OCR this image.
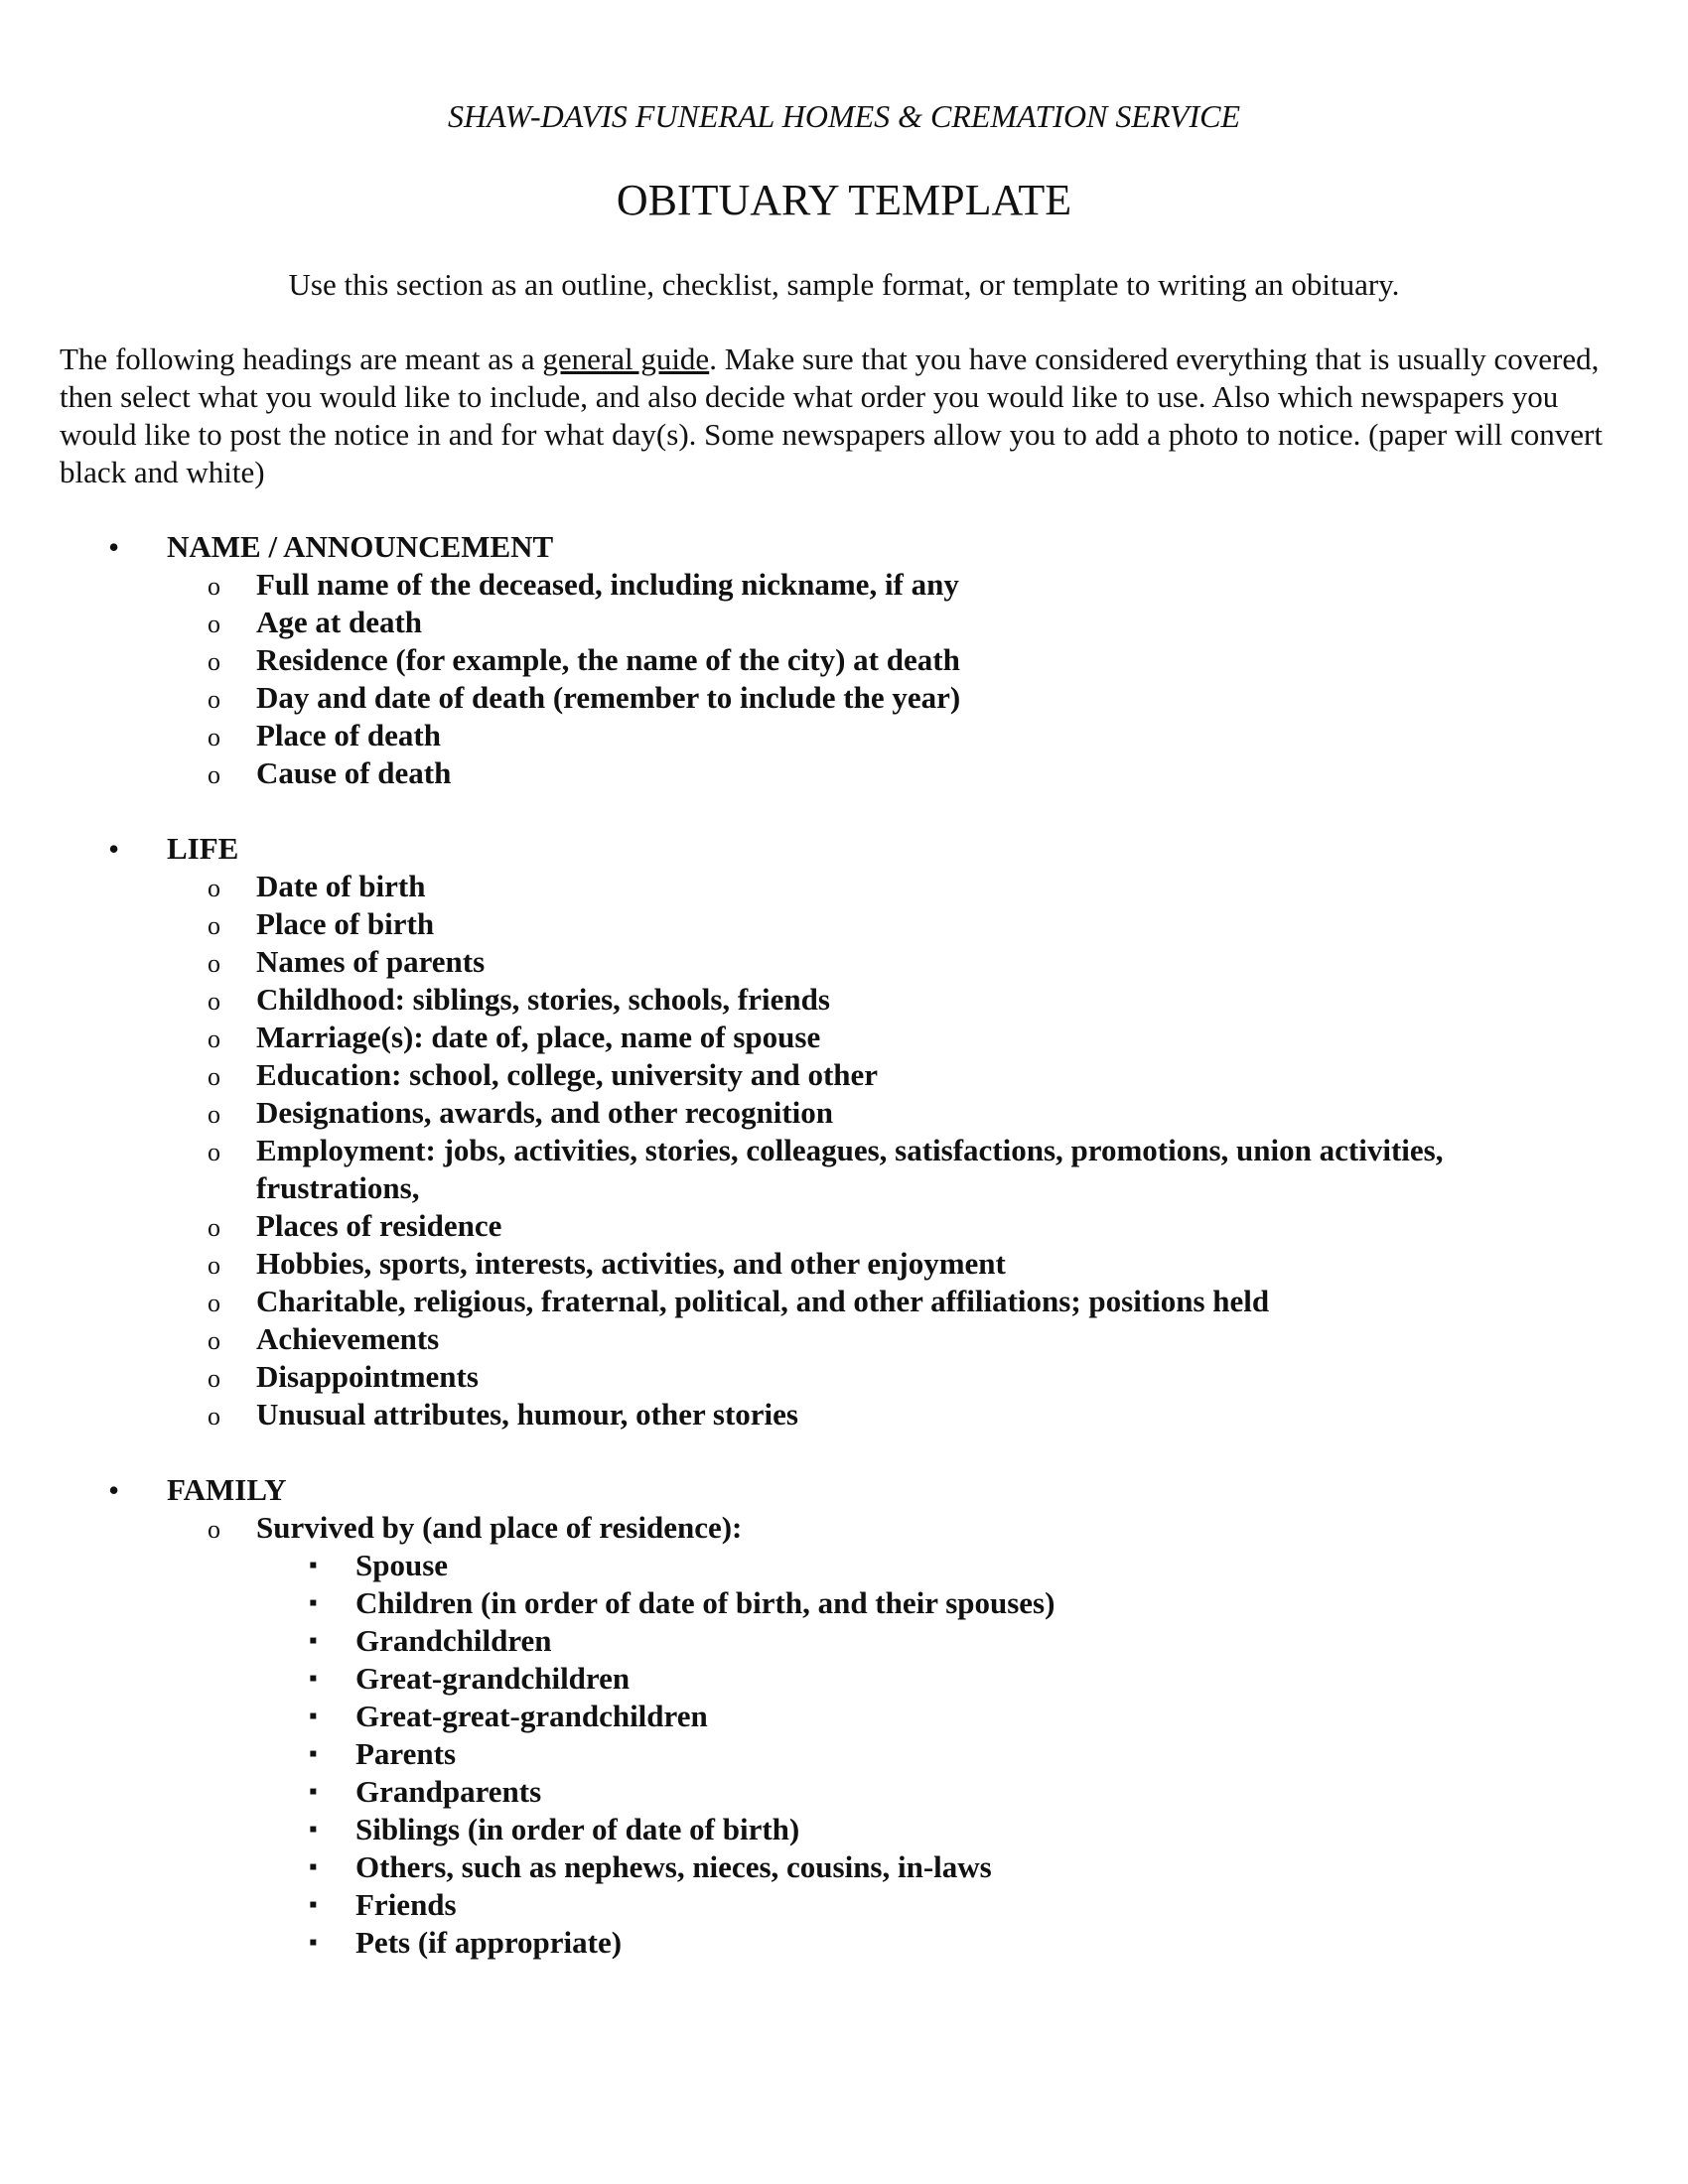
SHAW-DAVIS FUNERAL HOMES & CREMATION SERVICE
OBITUARY TEMPLATE

Use this section as an outline, checklist, sample format, or template to writing an obituary.

The following headings are meant as a general guide. Make sure that you have considered everything that is usually covered, then select what you would like to include, and also decide what order you would like to use. Also which newspapers you would like to post the notice in and for what day(s). Some newspapers allow you to add a photo to notice. (paper will convert black and white)

• NAME / ANNOUNCEMENT
o Full name of the deceased, including nickname, if any
o Age at death
o Residence (for example, the name of the city) at death
o Day and date of death (remember to include the year)
o Place of death
o Cause of death
• LIFE
o Date of birth
o Place of birth
o Names of parents
o Childhood: siblings, stories, schools, friends
o Marriage(s): date of, place, name of spouse
o Education: school, college, university and other
o Designations, awards, and other recognition
o Employment: jobs, activities, stories, colleagues, satisfactions, promotions, union activities, frustrations,
o Places of residence
o Hobbies, sports, interests, activities, and other enjoyment
o Charitable, religious, fraternal, political, and other affiliations; positions held
o Achievements
o Disappointments
o Unusual attributes, humour, other stories
• FAMILY
o Survived by (and place of residence):
▪ Spouse
▪ Children (in order of date of birth, and their spouses)
▪ Grandchildren
▪ Great-grandchildren
▪ Great-great-grandchildren
▪ Parents
▪ Grandparents
▪ Siblings (in order of date of birth)
▪ Others, such as nephews, nieces, cousins, in-laws
▪ Friends
▪ Pets (if appropriate)
